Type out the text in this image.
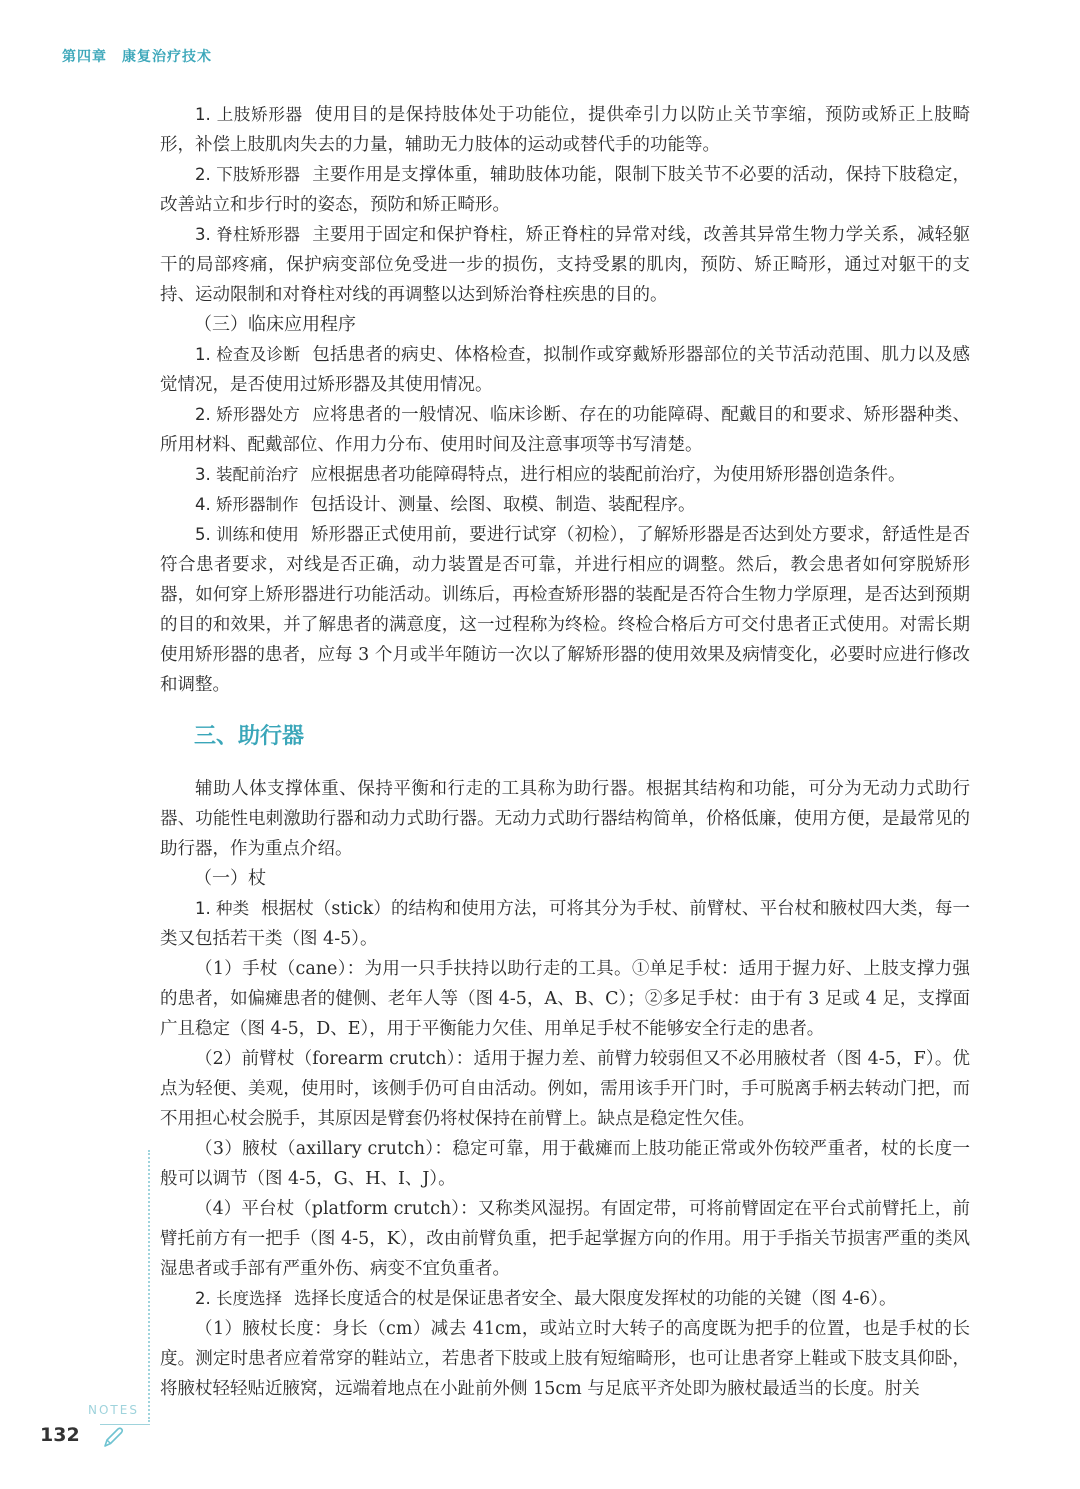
第四章　康复治疗技术

1. 上肢矫形器 使用目的是保持肢体处于功能位，提供牵引力以防止关节挛缩，预防或矫正上肢畸形，补偿上肢肌肉失去的力量，辅助无力肢体的运动或替代手的功能等。

2. 下肢矫形器 主要作用是支撑体重，辅助肢体功能，限制下肢关节不必要的活动，保持下肢稳定，改善站立和步行时的姿态，预防和矫正畸形。

3. 脊柱矫形器 主要用于固定和保护脊柱，矫正脊柱的异常对线，改善其异常生物力学关系，减轻躯干的局部疼痛，保护病变部位免受进一步的损伤，支持受累的肌肉，预防、矫正畸形，通过对躯干的支持、运动限制和对脊柱对线的再调整以达到矫治脊柱疾患的目的。

（三）临床应用程序

1. 检查及诊断 包括患者的病史、体格检查，拟制作或穿戴矫形器部位的关节活动范围、肌力以及感觉情况，是否使用过矫形器及其使用情况。

2. 矫形器处方 应将患者的一般情况、临床诊断、存在的功能障碍、配戴目的和要求、矫形器种类、所用材料、配戴部位、作用力分布、使用时间及注意事项等书写清楚。

3. 装配前治疗 应根据患者功能障碍特点，进行相应的装配前治疗，为使用矫形器创造条件。

4. 矫形器制作 包括设计、测量、绘图、取模、制造、装配程序。

5. 训练和使用 矫形器正式使用前，要进行试穿（初检），了解矫形器是否达到处方要求，舒适性是否符合患者要求，对线是否正确，动力装置是否可靠，并进行相应的调整。然后，教会患者如何穿脱矫形器，如何穿上矫形器进行功能活动。训练后，再检查矫形器的装配是否符合生物力学原理，是否达到预期的目的和效果，并了解患者的满意度，这一过程称为终检。终检合格后方可交付患者正式使用。对需长期使用矫形器的患者，应每 3 个月或半年随访一次以了解矫形器的使用效果及病情变化，必要时应进行修改和调整。

三、助行器

辅助人体支撑体重、保持平衡和行走的工具称为助行器。根据其结构和功能，可分为无动力式助行器、功能性电刺激助行器和动力式助行器。无动力式助行器结构简单，价格低廉，使用方便，是最常见的助行器，作为重点介绍。

（一）杖

1. 种类 根据杖（stick）的结构和使用方法，可将其分为手杖、前臂杖、平台杖和腋杖四大类，每一类又包括若干类（图 4-5）。

（1）手杖（cane）：为用一只手扶持以助行走的工具。①单足手杖：适用于握力好、上肢支撑力强的患者，如偏瘫患者的健侧、老年人等（图 4-5，A、B、C）；②多足手杖：由于有 3 足或 4 足，支撑面广且稳定（图 4-5，D、E），用于平衡能力欠佳、用单足手杖不能够安全行走的患者。

（2）前臂杖（forearm crutch）：适用于握力差、前臂力较弱但又不必用腋杖者（图 4-5，F）。优点为轻便、美观，使用时，该侧手仍可自由活动。例如，需用该手开门时，手可脱离手柄去转动门把，而不用担心杖会脱手，其原因是臂套仍将杖保持在前臂上。缺点是稳定性欠佳。

（3）腋杖（axillary crutch）：稳定可靠，用于截瘫而上肢功能正常或外伤较严重者，杖的长度一般可以调节（图 4-5，G、H、I、J）。

（4）平台杖（platform crutch）：又称类风湿拐。有固定带，可将前臂固定在平台式前臂托上，前臂托前方有一把手（图 4-5，K），改由前臂负重，把手起掌握方向的作用。用于手指关节损害严重的类风湿患者或手部有严重外伤、病变不宜负重者。

2. 长度选择 选择长度适合的杖是保证患者安全、最大限度发挥杖的功能的关键（图 4-6）。

（1）腋杖长度：身长（cm）减去 41cm，或站立时大转子的高度既为把手的位置，也是手杖的长度。测定时患者应着常穿的鞋站立，若患者下肢或上肢有短缩畸形，也可让患者穿上鞋或下肢支具仰卧，将腋杖轻轻贴近腋窝，远端着地点在小趾前外侧 15cm 与足底平齐处即为腋杖最适当的长度。肘关

NOTES
132
